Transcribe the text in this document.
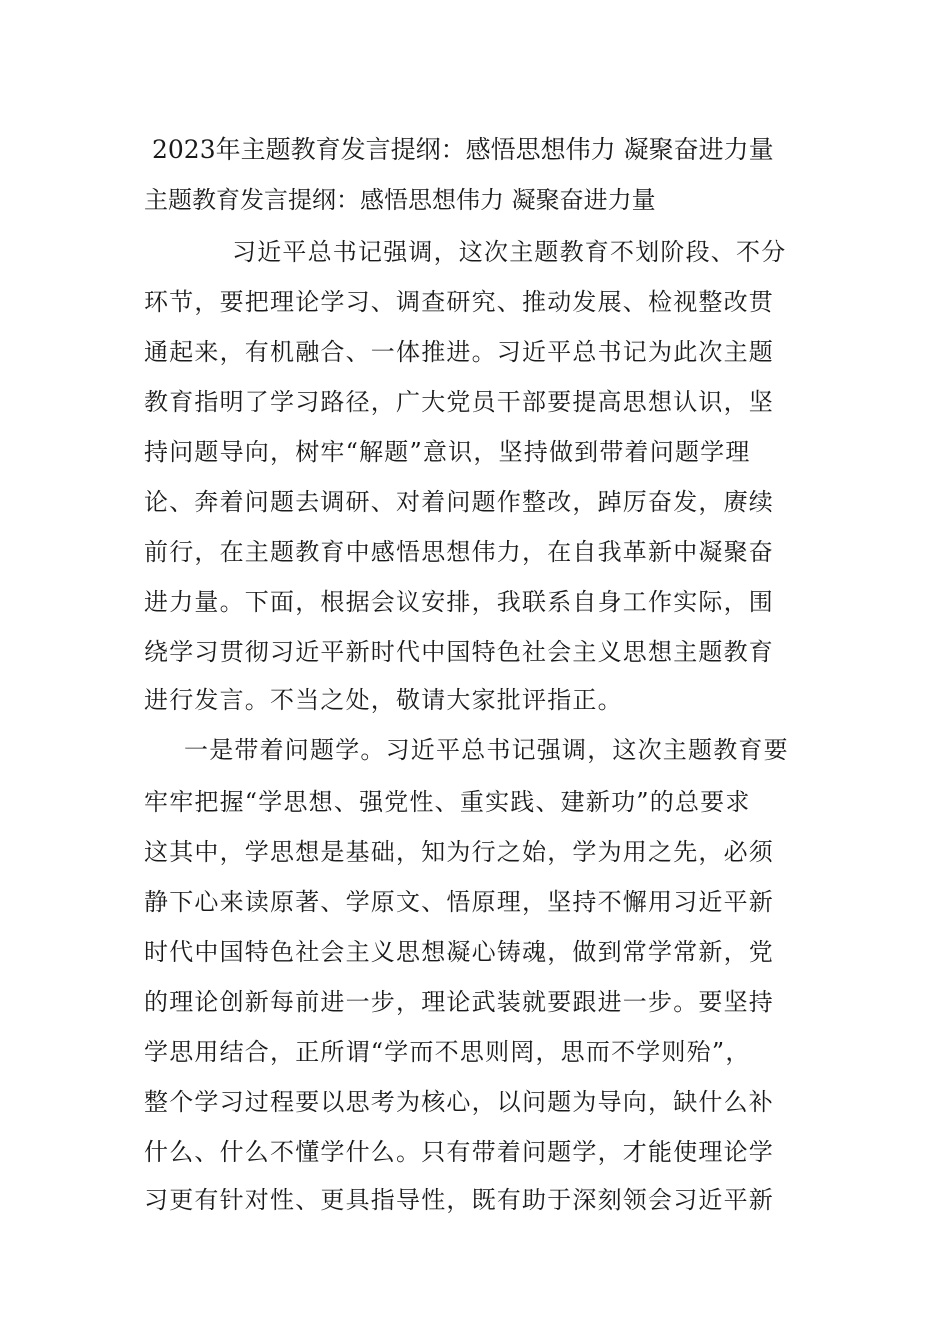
2023年主题教育发言提纲：感悟思想伟力 凝聚奋进力量
主题教育发言提纲：感悟思想伟力 凝聚奋进力量
习近平总书记强调，这次主题教育不划阶段、不分
环节，要把理论学习、调查研究、推动发展、检视整改贯
通起来，有机融合、一体推进。习近平总书记为此次主题
教育指明了学习路径，广大党员干部要提高思想认识，坚
持问题导向，树牢“解题”意识，坚持做到带着问题学理
论、奔着问题去调研、对着问题作整改，踔厉奋发，赓续
前行，在主题教育中感悟思想伟力，在自我革新中凝聚奋
进力量。下面，根据会议安排，我联系自身工作实际，围
绕学习贯彻习近平新时代中国特色社会主义思想主题教育
进行发言。不当之处，敬请大家批评指正。
一是带着问题学。习近平总书记强调，这次主题教育要
牢牢把握“学思想、强党性、重实践、建新功”的总要求
这其中，学思想是基础，知为行之始，学为用之先，必须
静下心来读原著、学原文、悟原理，坚持不懈用习近平新
时代中国特色社会主义思想凝心铸魂，做到常学常新，党
的理论创新每前进一步，理论武装就要跟进一步。要坚持
学思用结合，正所谓“学而不思则罔，思而不学则殆”，
整个学习过程要以思考为核心，以问题为导向，缺什么补
什么、什么不懂学什么。只有带着问题学，才能使理论学
习更有针对性、更具指导性，既有助于深刻领会习近平新
